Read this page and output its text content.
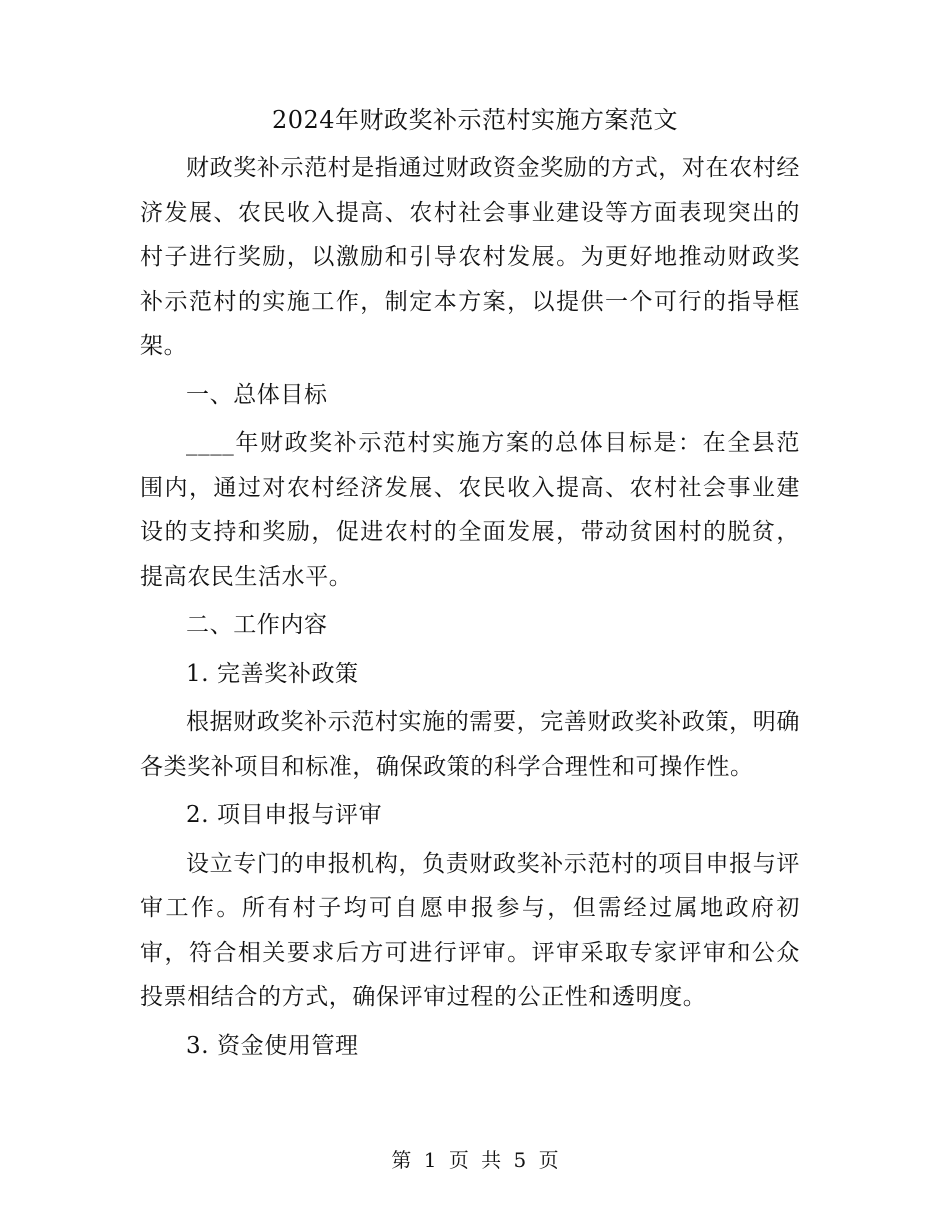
2024年财政奖补示范村实施方案范文

财政奖补示范村是指通过财政资金奖励的方式，对在农村经济发展、农民收入提高、农村社会事业建设等方面表现突出的村子进行奖励，以激励和引导农村发展。为更好地推动财政奖补示范村的实施工作，制定本方案，以提供一个可行的指导框架。

一、总体目标

____年财政奖补示范村实施方案的总体目标是：在全县范围内，通过对农村经济发展、农民收入提高、农村社会事业建设的支持和奖励，促进农村的全面发展，带动贫困村的脱贫，提高农民生活水平。

二、工作内容

1. 完善奖补政策

根据财政奖补示范村实施的需要，完善财政奖补政策，明确各类奖补项目和标准，确保政策的科学合理性和可操作性。

2. 项目申报与评审

设立专门的申报机构，负责财政奖补示范村的项目申报与评审工作。所有村子均可自愿申报参与，但需经过属地政府初审，符合相关要求后方可进行评审。评审采取专家评审和公众投票相结合的方式，确保评审过程的公正性和透明度。

3. 资金使用管理

第 1 页 共 5 页
